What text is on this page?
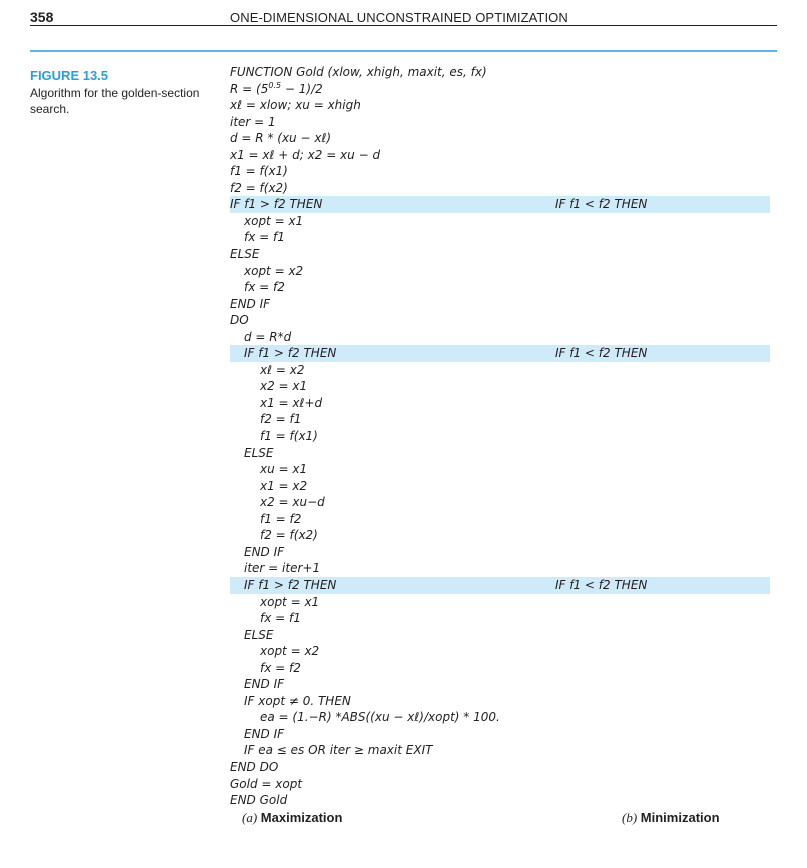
358	ONE-DIMENSIONAL UNCONSTRAINED OPTIMIZATION
FIGURE 13.5
Algorithm for the golden-section search.
FUNCTION Gold (xlow, xhigh, maxit, es, fx)
$R = (5^{0.5} - 1)/2$
xℓ = xlow; xu = xhigh
iter = 1
d = R * (xu − xℓ)
x1 = xℓ + d; x2 = xu − d
f1 = f(x1)
f2 = f(x2)
IF f1 > f2 THEN	IF f1 < f2 THEN
xopt = x1
fx = f1
ELSE
xopt = x2
fx = f2
END IF
DO
d = R*d
IF f1 > f2 THEN	IF f1 < f2 THEN
xℓ = x2
x2 = x1
x1 = xℓ+d
f2 = f1
f1 = f(x1)
ELSE
xu = x1
x1 = x2
x2 = xu−d
f1 = f2
f2 = f(x2)
END IF
iter = iter+1
IF f1 > f2 THEN	IF f1 < f2 THEN
xopt = x1
fx = f1
ELSE
xopt = x2
fx = f2
END IF
IF xopt ≠ 0. THEN
ea = (1.−R) *ABS((xu − xℓ)/xopt) * 100.
END IF
IF ea ≤ es OR iter ≥ maxit EXIT
END DO
Gold = xopt
END Gold
(a) Maximization	(b) Minimization
